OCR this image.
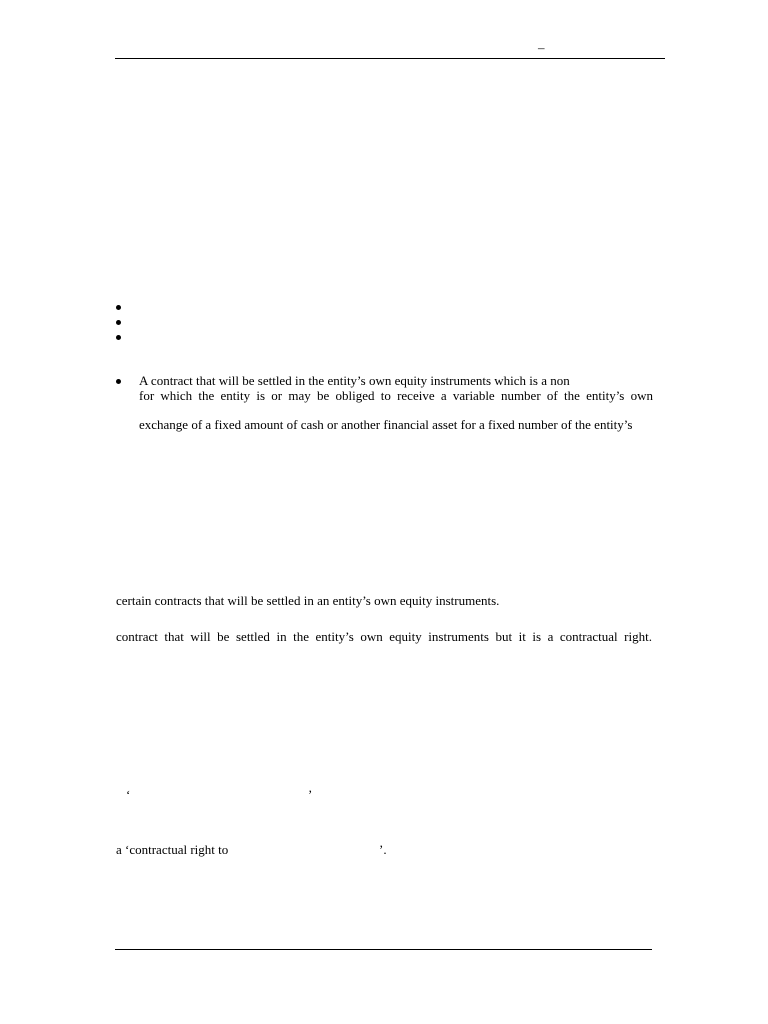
–
A contract that will be settled in the entity’s own equity instruments which is a non
for which the entity is or may be obliged to receive a variable number of the entity’s own
exchange of a fixed amount of cash or another financial asset for a fixed number of the entity’s
certain contracts that will be settled in an entity’s own equity instruments.
contract that will be settled in the entity’s own equity instruments but it is a contractual right.
‘	’
a ‘contractual right to	’.
